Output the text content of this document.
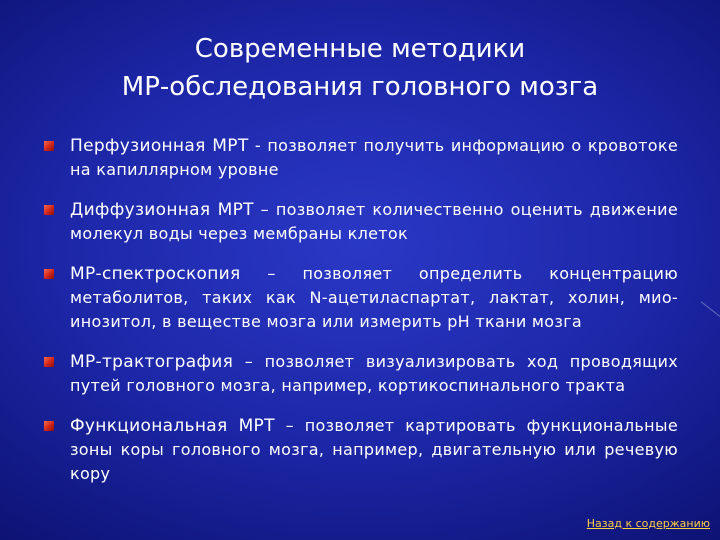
Современные методики
МР-обследования головного мозга
Перфузионная МРТ - позволяет получить информацию о кровотоке на капиллярном уровне
Диффузионная МРТ – позволяет количественно оценить движение молекул воды через мембраны клеток
МР-спектроскопия – позволяет определить концентрацию метаболитов, таких как N-ацетиласпартат, лактат, холин, мио-инозитол, в веществе мозга или измерить pH ткани мозга
МР-трактография – позволяет визуализировать ход проводящих путей головного мозга, например, кортикоспинального тракта
Функциональная МРТ – позволяет картировать функциональные зоны коры головного мозга, например, двигательную или речевую кору
Назад к содержанию
